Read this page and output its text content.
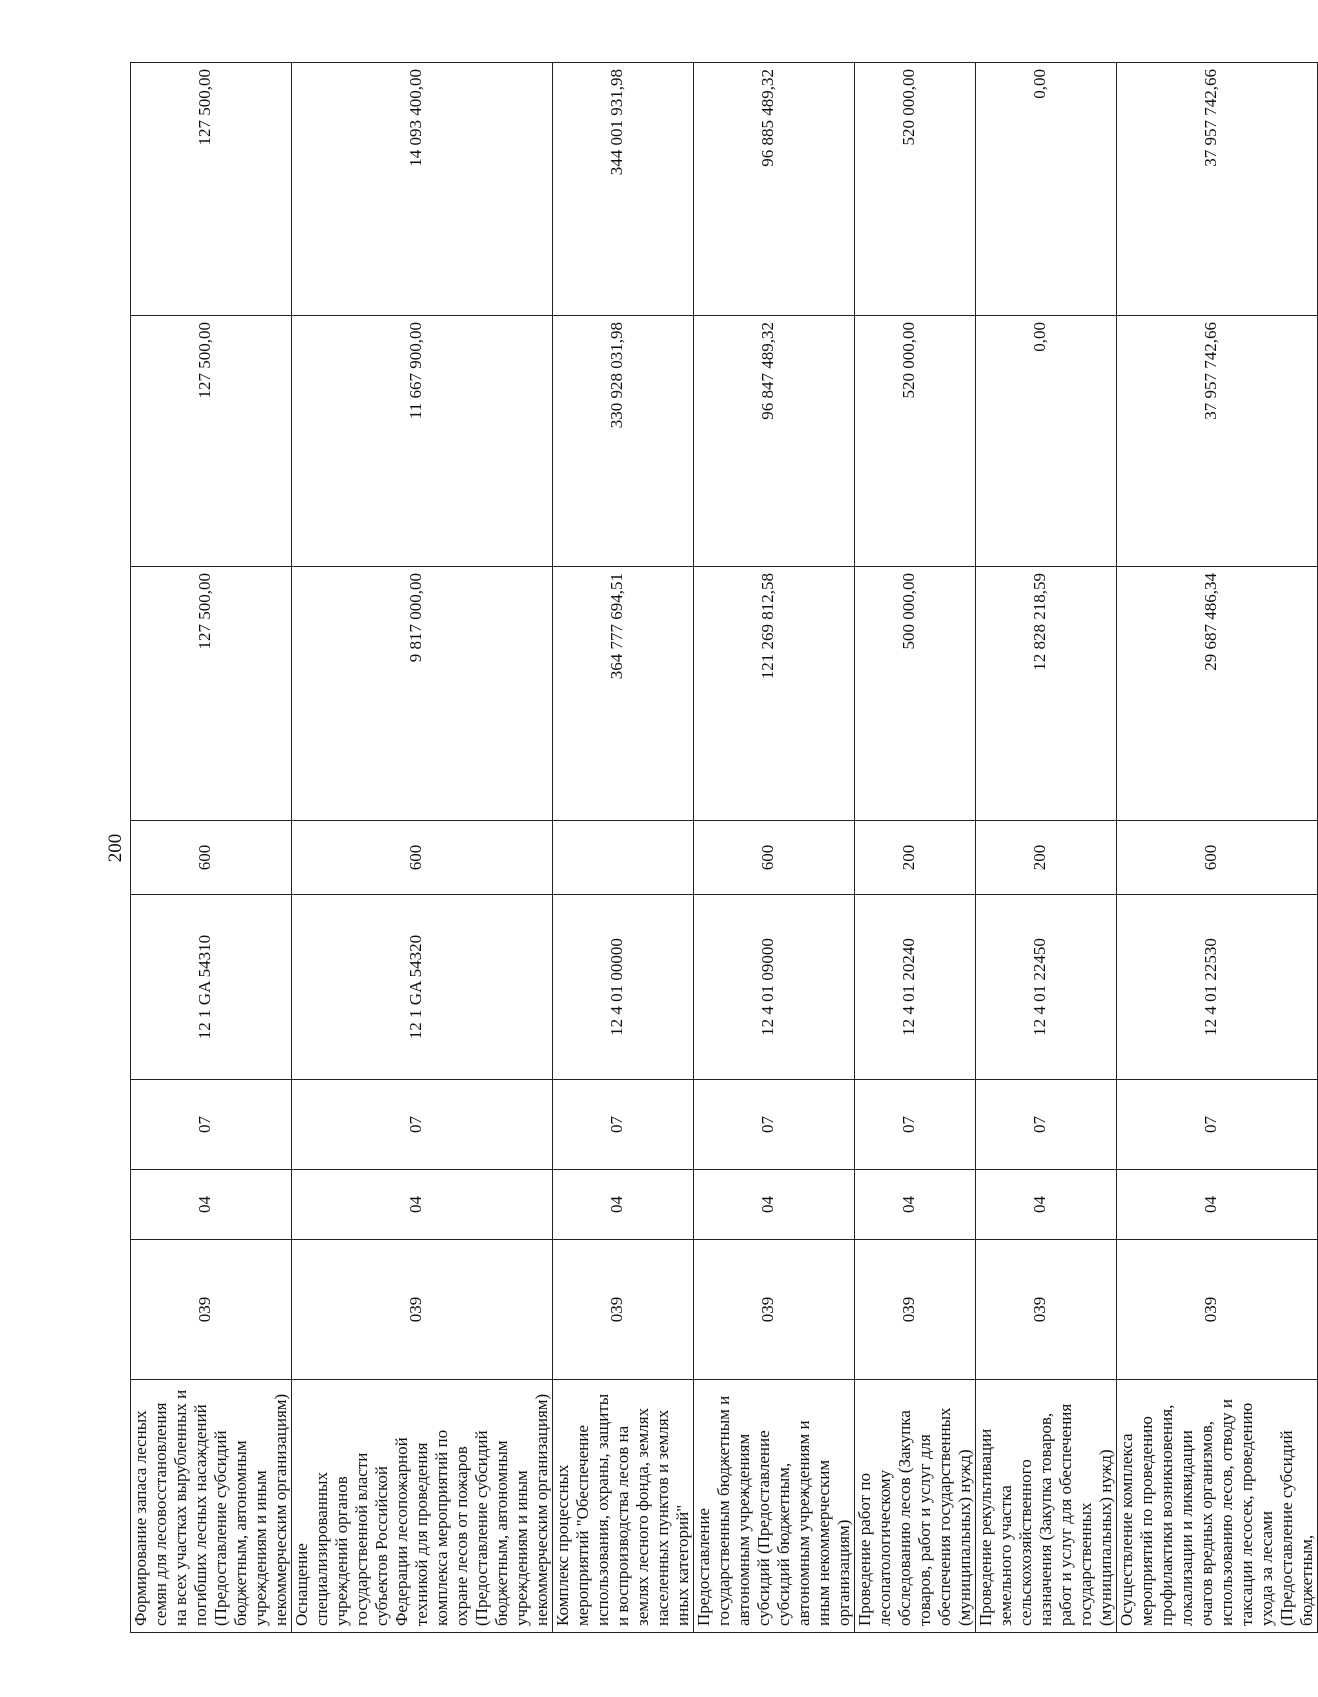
200
Формирование запаса лесных семян для лесовосстановления на всех участках вырубленных и погибших лесных насаждений (Предоставление субсидий бюджетным, автономным учреждениям и иным некоммерческим организациям)	039	04	07	12 1 GA 54310	600	127 500,00	127 500,00	127 500,00
Оснащение специализированных учреждений органов государственной власти субъектов Российской Федерации лесопожарной техникой для проведения комплекса мероприятий по охране лесов от пожаров (Предоставление субсидий бюджетным, автономным учреждениям и иным некоммерческим организациям)	039	04	07	12 1 GA 54320	600	9 817 000,00	11 667 900,00	14 093 400,00
Комплекс процессных мероприятий "Обеспечение использования, охраны, защиты и воспроизводства лесов на землях лесного фонда, землях населенных пунктов и землях иных категорий"	039	04	07	12 4 01 00000		364 777 694,51	330 928 031,98	344 001 931,98
Предоставление государственным бюджетным и автономным учреждениям субсидий (Предоставление субсидий бюджетным, автономным учреждениям и иным некоммерческим организациям)	039	04	07	12 4 01 09000	600	121 269 812,58	96 847 489,32	96 885 489,32
Проведение работ по лесопатологическому обследованию лесов (Закупка товаров, работ и услуг для обеспечения государственных (муниципальных) нужд)	039	04	07	12 4 01 20240	200	500 000,00	520 000,00	520 000,00
Проведение рекультивации земельного участка сельскохозяйственного назначения (Закупка товаров, работ и услуг для обеспечения государственных (муниципальных) нужд)	039	04	07	12 4 01 22450	200	12 828 218,59	0,00	0,00
Осуществление комплекса мероприятий по проведению профилактики возникновения, локализации и ликвидации очагов вредных организмов, использованию лесов, отводу и таксации лесосек, проведению ухода за лесами (Предоставление субсидий бюджетным,	039	04	07	12 4 01 22530	600	29 687 486,34	37 957 742,66	37 957 742,66
